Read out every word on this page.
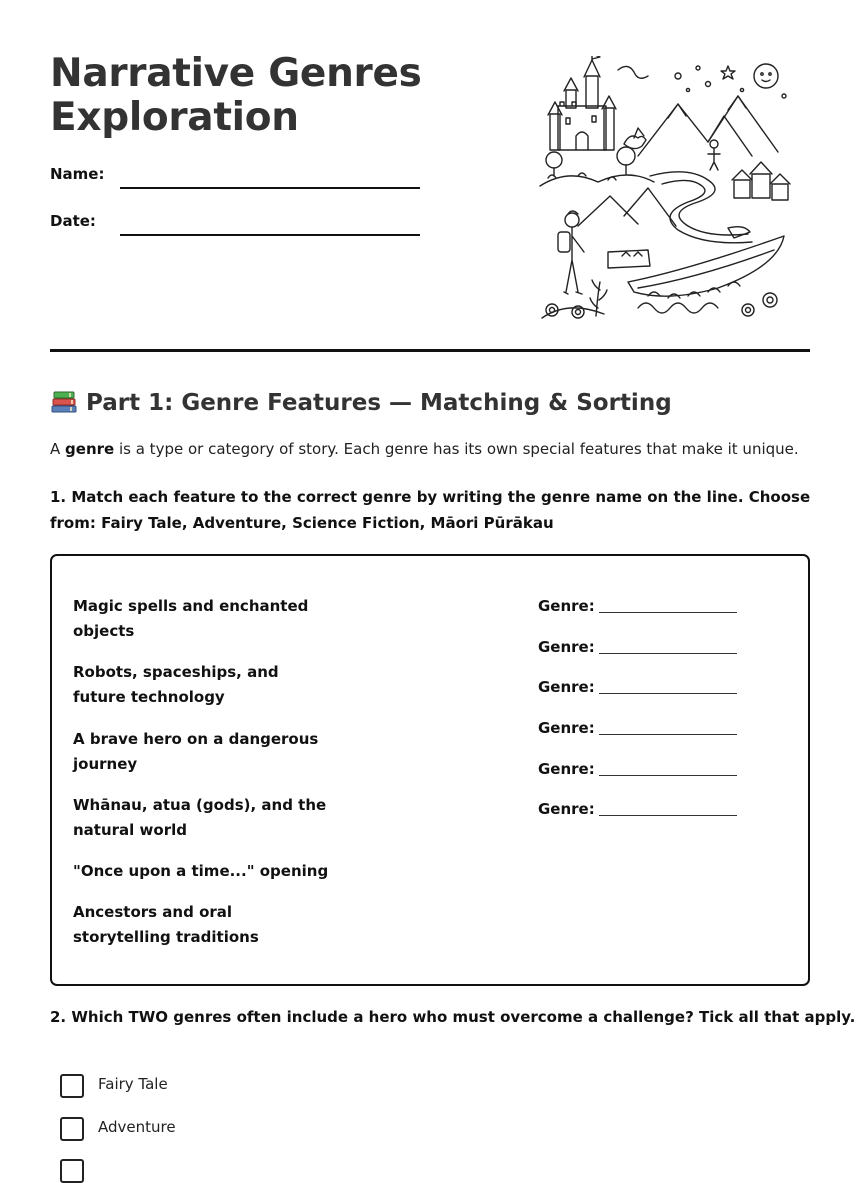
Narrative Genres
Exploration
Name:
Date:
Part 1: Genre Features — Matching & Sorting
A genre is a type or category of story. Each genre has its own special features that make it unique.
1. Match each feature to the correct genre by writing the genre name on the line. Choose from: Fairy Tale, Adventure, Science Fiction, Māori Pūrākau
Magic spells and enchanted objects
Robots, spaceships, and future technology
A brave hero on a dangerous journey
Whānau, atua (gods), and the natural world
"Once upon a time..." opening
Ancestors and oral storytelling traditions
Genre:
Genre:
Genre:
Genre:
Genre:
Genre:
2. Which TWO genres often include a hero who must overcome a challenge? Tick all that apply.
Fairy Tale
Adventure
